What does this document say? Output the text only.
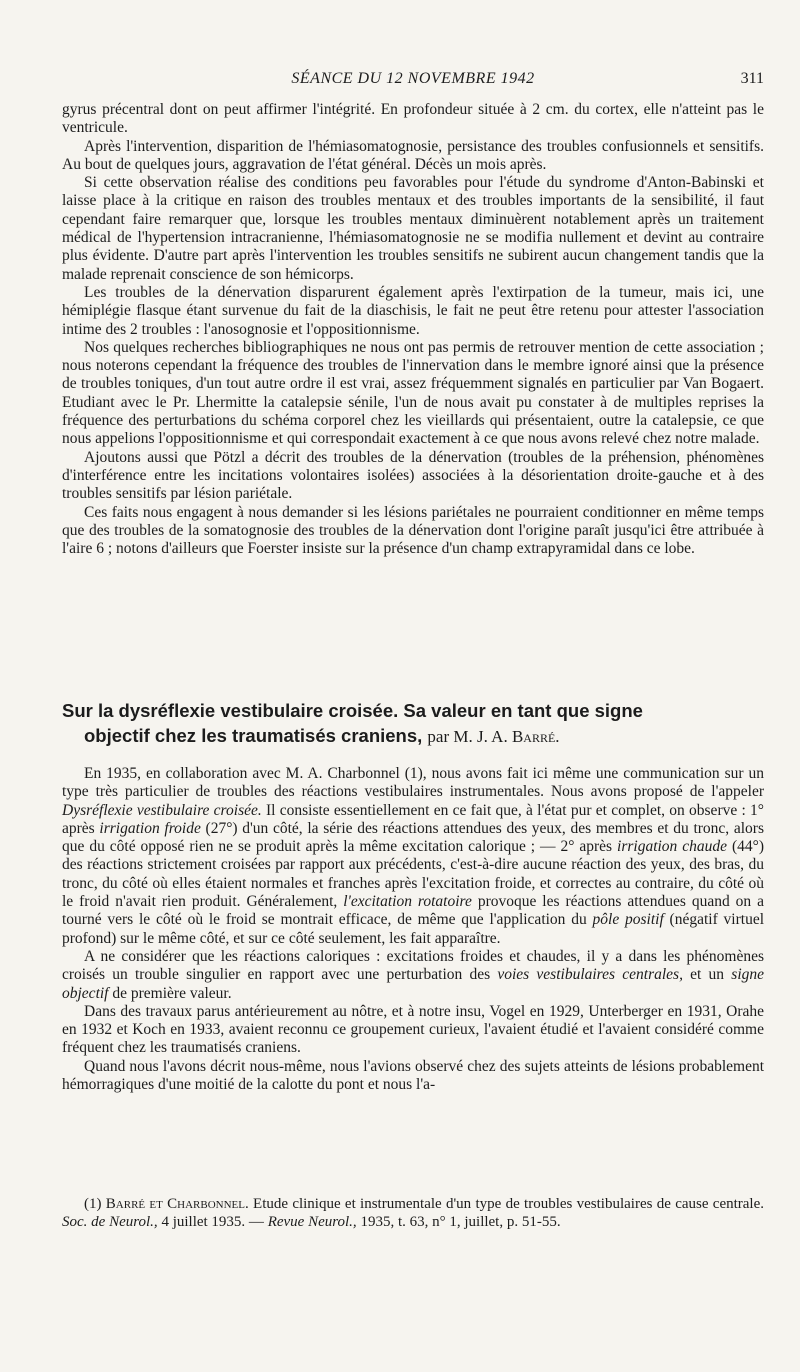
SÉANCE DU 12 NOVEMBRE 1942	311

gyrus précentral dont on peut affirmer l'intégrité. En profondeur située à 2 cm. du cortex, elle n'atteint pas le ventricule.

Après l'intervention, disparition de l'hémiasomatognosie, persistance des troubles confusionnels et sensitifs. Au bout de quelques jours, aggravation de l'état général. Décès un mois après.

Si cette observation réalise des conditions peu favorables pour l'étude du syndrome d'Anton-Babinski et laisse place à la critique en raison des troubles mentaux et des troubles importants de la sensibilité, il faut cependant faire remarquer que, lorsque les troubles mentaux diminuèrent notablement après un traitement médical de l'hypertension intracranienne, l'hémiasomatognosie ne se modifia nullement et devint au contraire plus évidente. D'autre part après l'intervention les troubles sensitifs ne subirent aucun changement tandis que la malade reprenait conscience de son hémicorps.

Les troubles de la dénervation disparurent également après l'extirpation de la tumeur, mais ici, une hémiplégie flasque étant survenue du fait de la diaschisis, le fait ne peut être retenu pour attester l'association intime des 2 troubles : l'anosognosie et l'oppositionnisme.

Nos quelques recherches bibliographiques ne nous ont pas permis de retrouver mention de cette association ; nous noterons cependant la fréquence des troubles de l'innervation dans le membre ignoré ainsi que la présence de troubles toniques, d'un tout autre ordre il est vrai, assez fréquemment signalés en particulier par Van Bogaert. Etudiant avec le Pr. Lhermitte la catalepsie sénile, l'un de nous avait pu constater à de multiples reprises la fréquence des perturbations du schéma corporel chez les vieillards qui présentaient, outre la catalepsie, ce que nous appelions l'oppositionnisme et qui correspondait exactement à ce que nous avons relevé chez notre malade.

Ajoutons aussi que Pötzl a décrit des troubles de la dénervation (troubles de la préhension, phénomènes d'interférence entre les incitations volontaires isolées) associées à la désorientation droite-gauche et à des troubles sensitifs par lésion pariétale.

Ces faits nous engagent à nous demander si les lésions pariétales ne pourraient conditionner en même temps que des troubles de la somatognosie des troubles de la dénervation dont l'origine paraît jusqu'ici être attribuée à l'aire 6 ; notons d'ailleurs que Foerster insiste sur la présence d'un champ extrapyramidal dans ce lobe.

Sur la dysréflexie vestibulaire croisée. Sa valeur en tant que signe
objectif chez les traumatisés craniens, par M. J. A. Barré.

En 1935, en collaboration avec M. A. Charbonnel (1), nous avons fait ici même une communication sur un type très particulier de troubles des réactions vestibulaires instrumentales. Nous avons proposé de l'appeler Dysréflexie vestibulaire croisée. Il consiste essentiellement en ce fait que, à l'état pur et complet, on observe : 1° après irrigation froide (27°) d'un côté, la série des réactions attendues des yeux, des membres et du tronc, alors que du côté opposé rien ne se produit après la même excitation calorique ; — 2° après irrigation chaude (44°) des réactions strictement croisées par rapport aux précédents, c'est-à-dire aucune réaction des yeux, des bras, du tronc, du côté où elles étaient normales et franches après l'excitation froide, et correctes au contraire, du côté où le froid n'avait rien produit. Généralement, l'excitation rotatoire provoque les réactions attendues quand on a tourné vers le côté où le froid se montrait efficace, de même que l'application du pôle positif (négatif virtuel profond) sur le même côté, et sur ce côté seulement, les fait apparaître.

A ne considérer que les réactions caloriques : excitations froides et chaudes, il y a dans les phénomènes croisés un trouble singulier en rapport avec une perturbation des voies vestibulaires centrales, et un signe objectif de première valeur.

Dans des travaux parus antérieurement au nôtre, et à notre insu, Vogel en 1929, Unterberger en 1931, Orahe en 1932 et Koch en 1933, avaient reconnu ce groupement curieux, l'avaient étudié et l'avaient considéré comme fréquent chez les traumatisés craniens.

Quand nous l'avons décrit nous-même, nous l'avions observé chez des sujets atteints de lésions probablement hémorragiques d'une moitié de la calotte du pont et nous l'a-

(1) Barré et Charbonnel. Etude clinique et instrumentale d'un type de troubles vestibulaires de cause centrale. Soc. de Neurol., 4 juillet 1935. — Revue Neurol., 1935, t. 63, n° 1, juillet, p. 51-55.
